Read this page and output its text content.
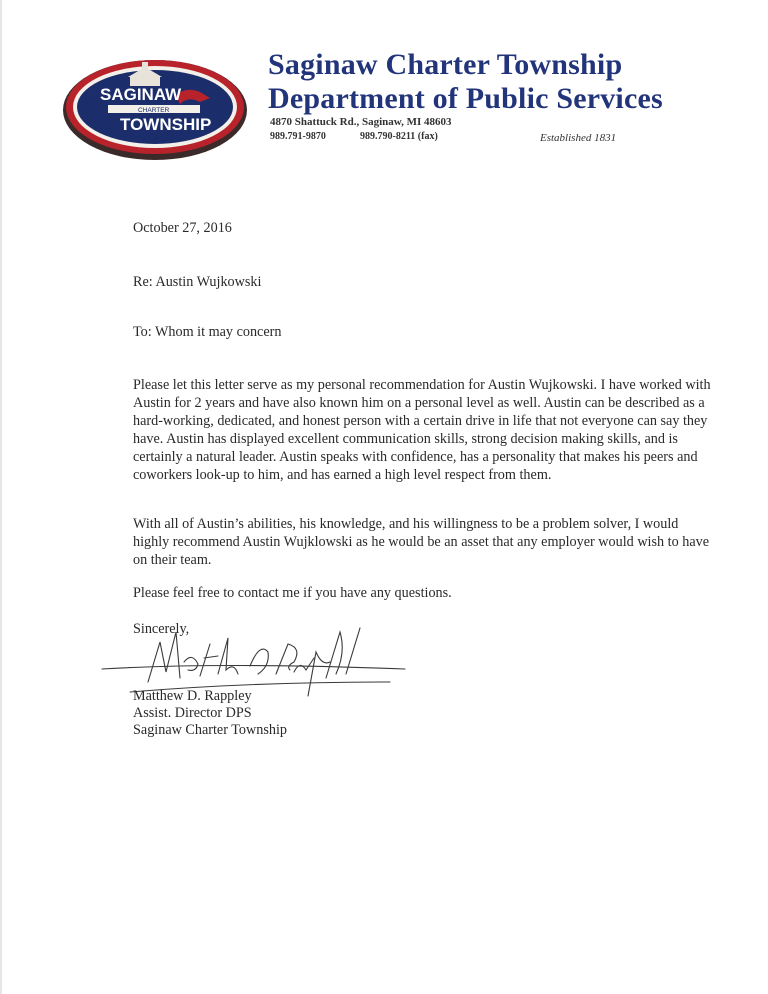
SAGINAW
CHARTER
TOWNSHIP
Saginaw Charter Township
Department of Public Services
4870 Shattuck Rd., Saginaw, MI 48603
989.791-9870	989.790-8211 (fax)	Established 1831
October 27, 2016
Re: Austin Wujkowski
To: Whom it may concern

Please let this letter serve as my personal recommendation for Austin Wujkowski. I have worked with Austin for 2 years and have also known him on a personal level as well. Austin can be described as a hard-working, dedicated, and honest person with a certain drive in life that not everyone can say they have. Austin has displayed excellent communication skills, strong decision making skills, and is certainly a natural leader. Austin speaks with confidence, has a personality that makes his peers and coworkers look-up to him, and has earned a high level respect from them.

With all of Austin’s abilities, his knowledge, and his willingness to be a problem solver, I would highly recommend Austin Wujklowski as he would be an asset that any employer would wish to have on their team.

Please feel free to contact me if you have any questions.

Sincerely,
Matthew D. Rappley
Assist. Director DPS
Saginaw Charter Township
